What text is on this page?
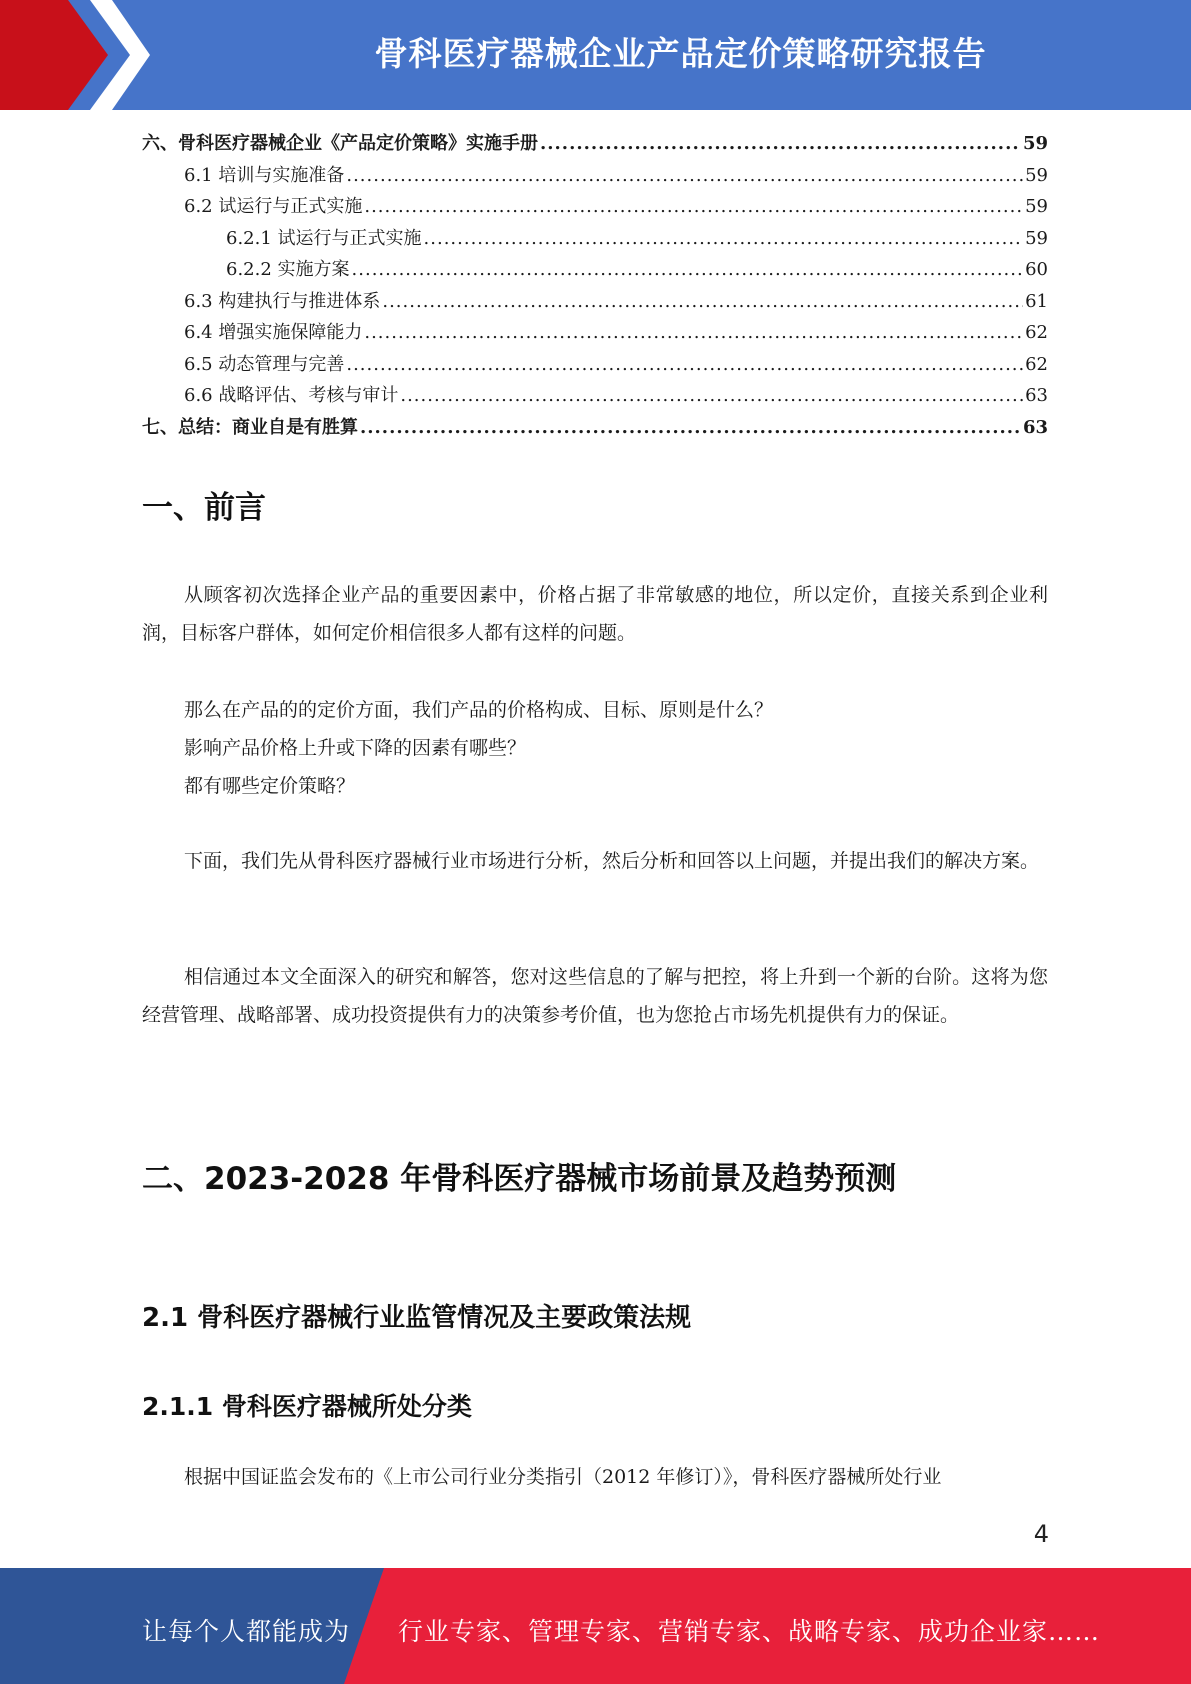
骨科医疗器械企业产品定价策略研究报告
六、骨科医疗器械企业《产品定价策略》实施手册 .....	59
6.1 培训与实施准备 .....	59
6.2 试运行与正式实施 .....	59
6.2.1 试运行与正式实施 .....	59
6.2.2 实施方案 .....	60
6.3 构建执行与推进体系 .....	61
6.4 增强实施保障能力 .....	62
6.5 动态管理与完善 .....	62
6.6 战略评估、考核与审计 .....	63
七、总结：商业自是有胜算 .....	63
一、前言

从顾客初次选择企业产品的重要因素中，价格占据了非常敏感的地位，所以定价，直接关系到企业利润，目标客户群体，如何定价相信很多人都有这样的问题。

那么在产品的的定价方面，我们产品的价格构成、目标、原则是什么？

影响产品价格上升或下降的因素有哪些？

都有哪些定价策略？

下面，我们先从骨科医疗器械行业市场进行分析，然后分析和回答以上问题，并提出我们的解决方案。

相信通过本文全面深入的研究和解答，您对这些信息的了解与把控，将上升到一个新的台阶。这将为您经营管理、战略部署、成功投资提供有力的决策参考价值，也为您抢占市场先机提供有力的保证。

二、2023-2028 年骨科医疗器械市场前景及趋势预测
2.1 骨科医疗器械行业监管情况及主要政策法规
2.1.1 骨科医疗器械所处分类

根据中国证监会发布的《上市公司行业分类指引（2012 年修订）》，骨科医疗器械所处行业

4
让每个人都能成为 行业专家、管理专家、营销专家、战略专家、成功企业家……
